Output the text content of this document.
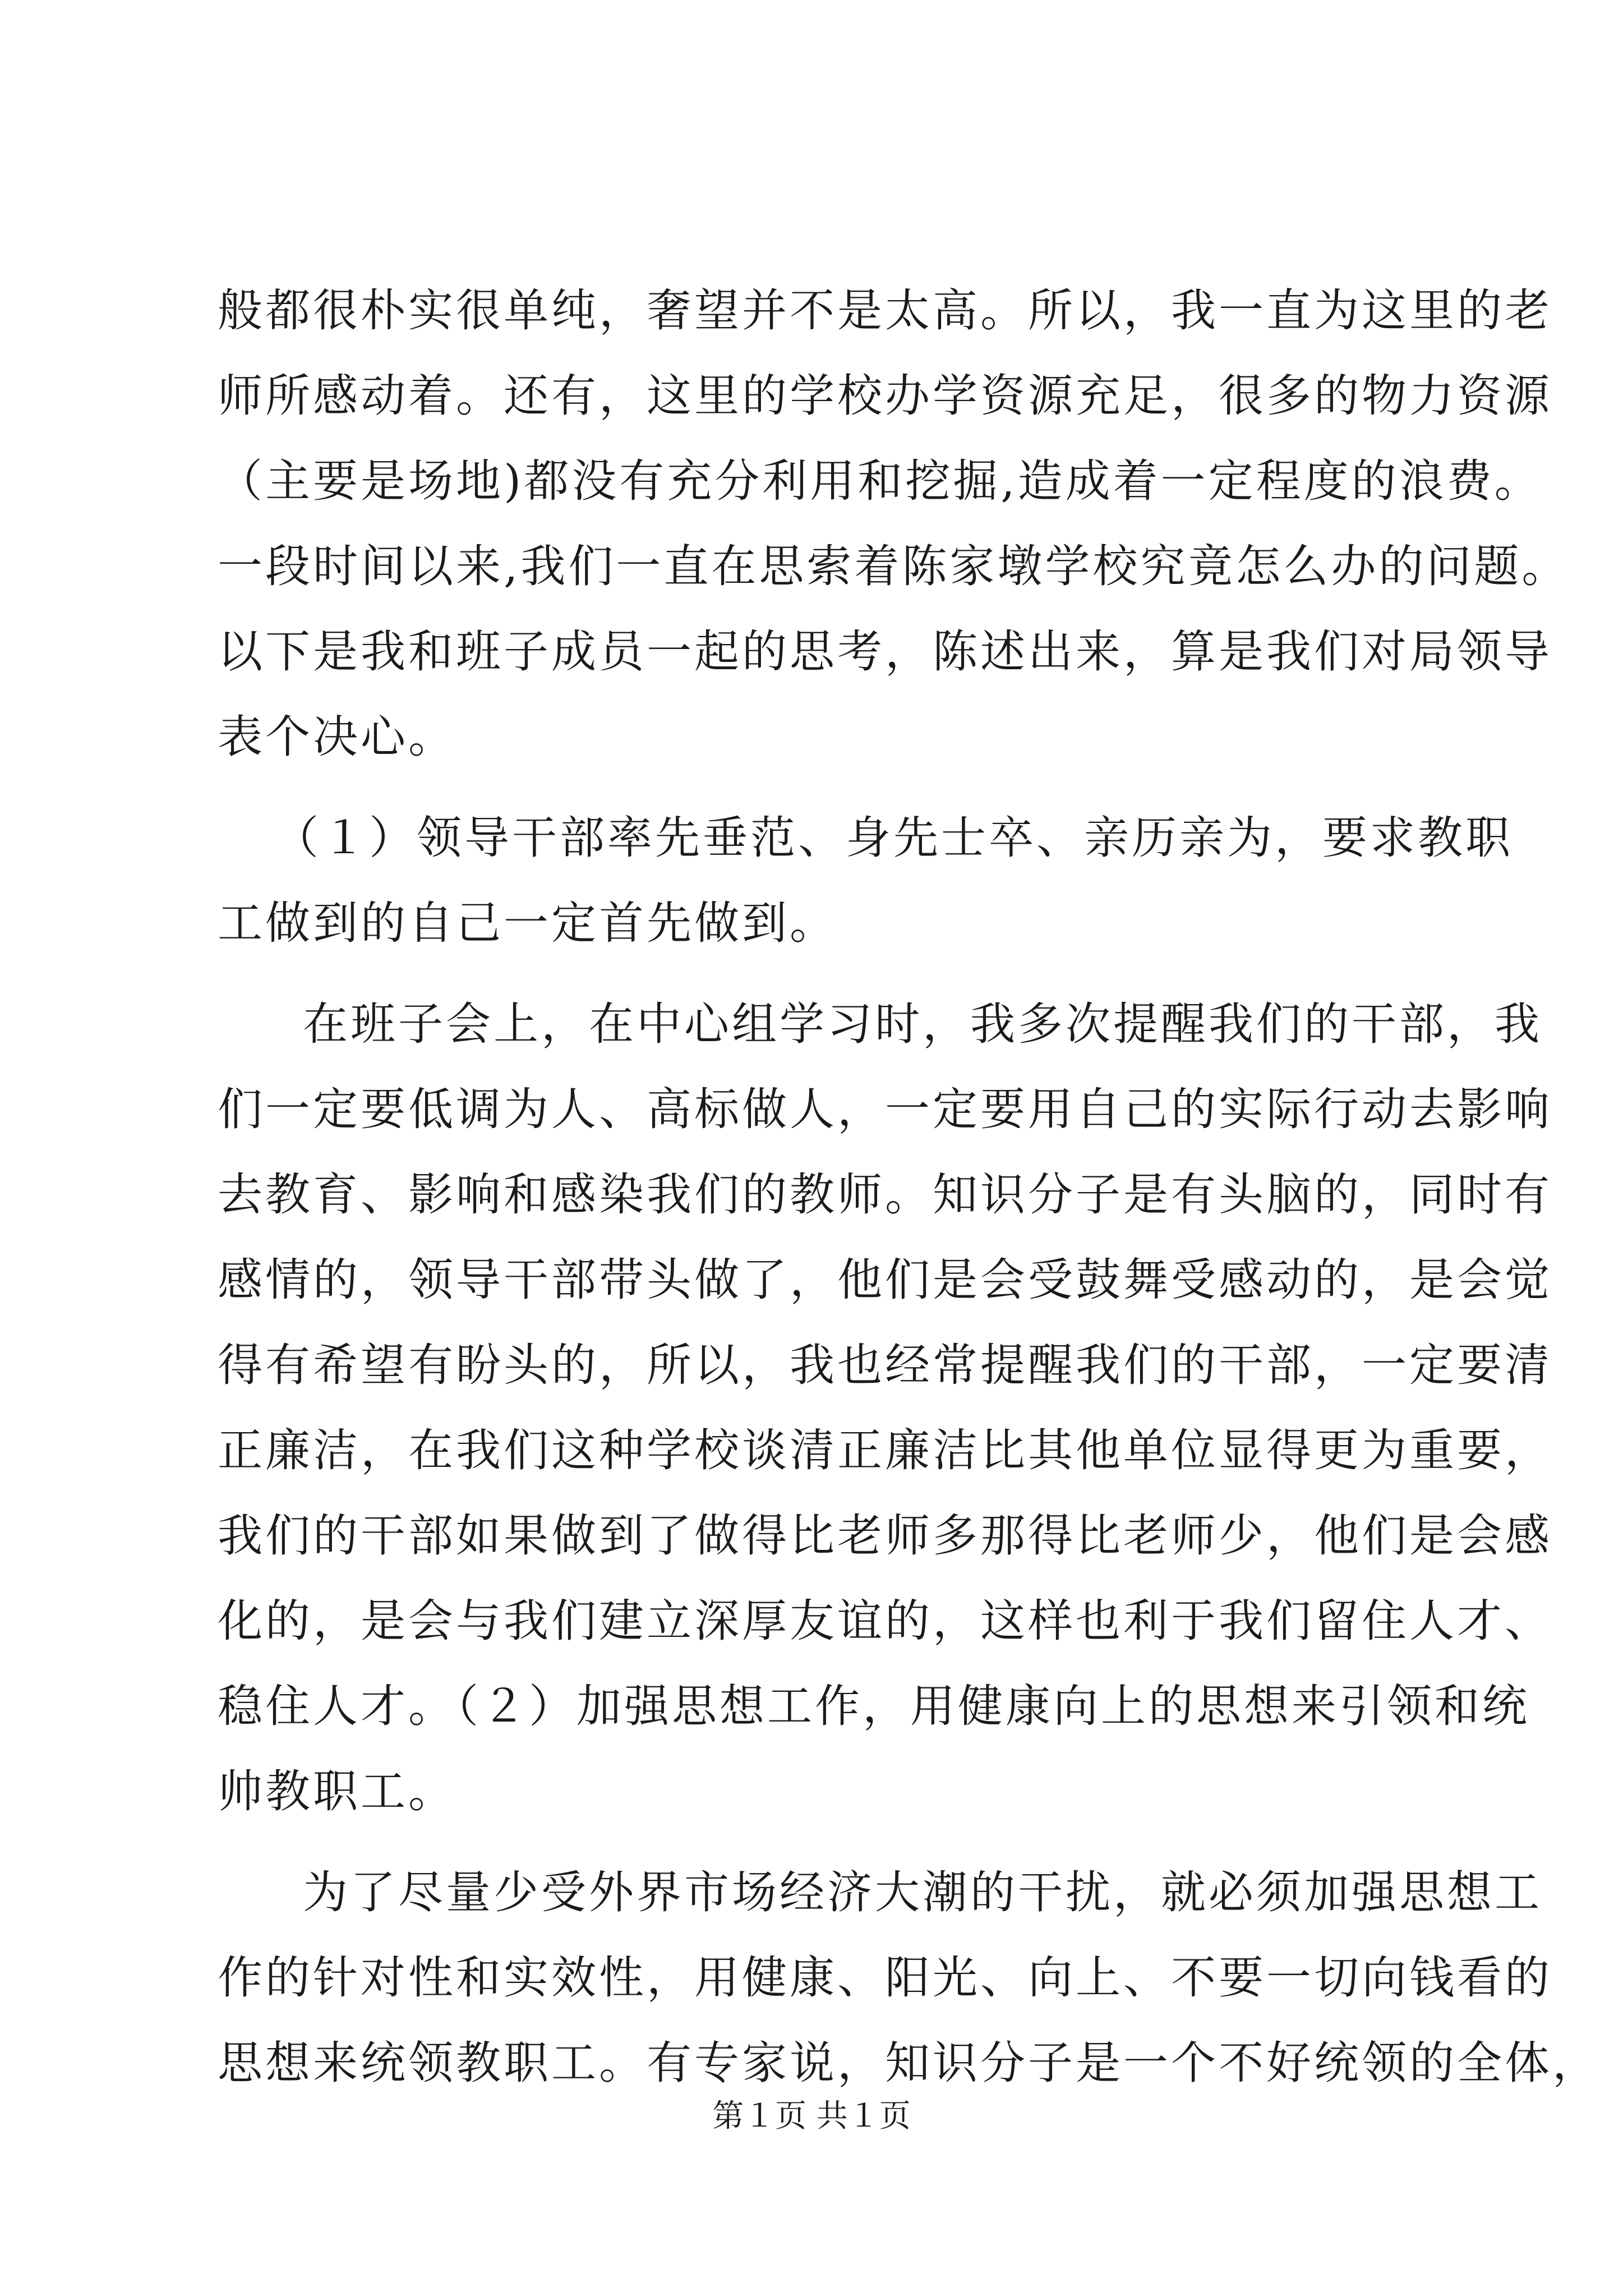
般都很朴实很单纯，奢望并不是太高。所以，我一直为这里的老
师所感动着。还有，这里的学校办学资源充足，很多的物力资源
（主要是场地)都没有充分利用和挖掘,造成着一定程度的浪费。
一段时间以来,我们一直在思索着陈家墩学校究竟怎么办的问题。
以下是我和班子成员一起的思考，陈述出来，算是我们对局领导
表个决心。
（１）领导干部率先垂范、身先士卒、亲历亲为，要求教职
工做到的自己一定首先做到。
在班子会上，在中心组学习时，我多次提醒我们的干部，我
们一定要低调为人、高标做人，一定要用自己的实际行动去影响
去教育、影响和感染我们的教师。知识分子是有头脑的，同时有
感情的，领导干部带头做了，他们是会受鼓舞受感动的，是会觉
得有希望有盼头的，所以，我也经常提醒我们的干部，一定要清
正廉洁，在我们这种学校谈清正廉洁比其他单位显得更为重要，
我们的干部如果做到了做得比老师多那得比老师少，他们是会感
化的，是会与我们建立深厚友谊的，这样也利于我们留住人才、
稳住人才。（２）加强思想工作，用健康向上的思想来引领和统
帅教职工。
为了尽量少受外界市场经济大潮的干扰，就必须加强思想工
作的针对性和实效性，用健康、阳光、向上、不要一切向钱看的
思想来统领教职工。有专家说，知识分子是一个不好统领的全体，
第１页 共１页
